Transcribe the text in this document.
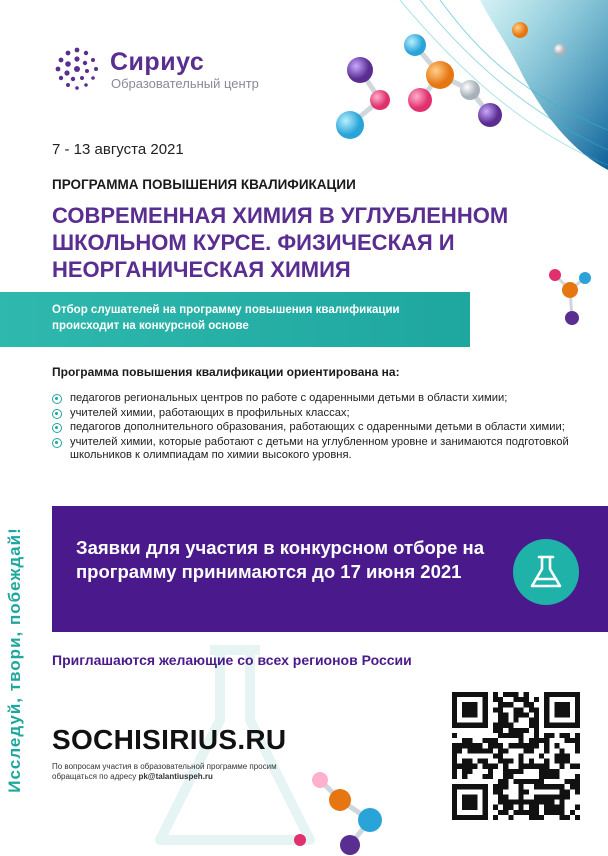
Сириус
Образовательный центр
7 - 13 августа 2021
ПРОГРАММА ПОВЫШЕНИЯ КВАЛИФИКАЦИИ
СОВРЕМЕННАЯ ХИМИЯ В УГЛУБЛЕННОМ ШКОЛЬНОМ КУРСЕ. ФИЗИЧЕСКАЯ И НЕОРГАНИЧЕСКАЯ ХИМИЯ
Отбор слушателей на программу повышения квалификации происходит на конкурсной основе
Программа повышения квалификации ориентирована на:
педагогов региональных центров по работе с одаренными детьми в области химии;
учителей химии, работающих в профильных классах;
педагогов дополнительного образования, работающих с одаренными детьми в области химии;
учителей химии, которые работают с детьми на углубленном уровне и занимаются подготовкой школьников к олимпиадам по химии высокого уровня.
Заявки для участия в конкурсном отборе на программу принимаются до 17 июня 2021
Приглашаются желающие со всех регионов России
Исследуй, твори, побеждай! SOCHISIRIUS.RU
По вопросам участия в образовательной программе просим обращаться по адресу pk@talantiuspeh.ru
